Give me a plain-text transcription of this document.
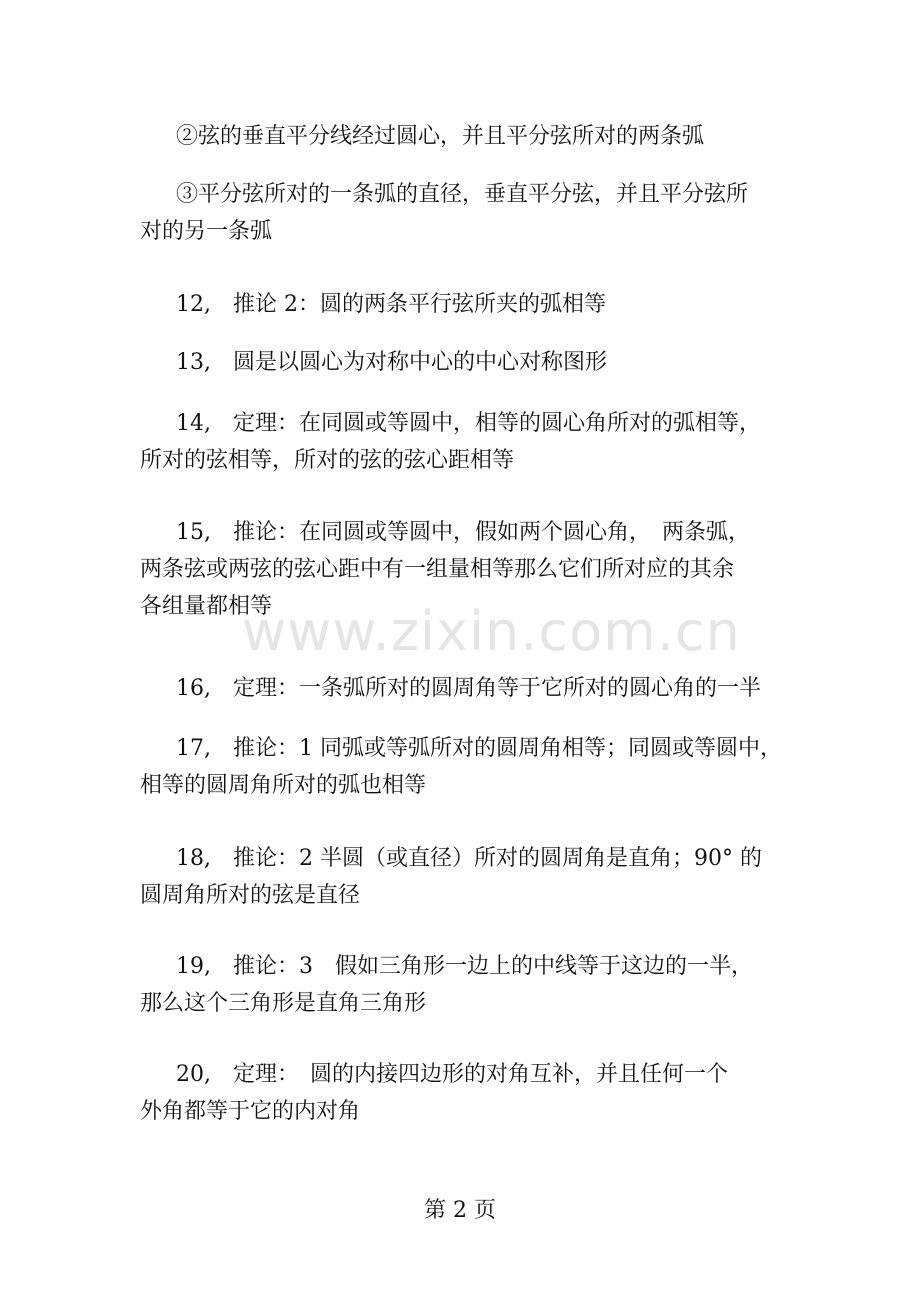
②弦的垂直平分线经过圆心，并且平分弦所对的两条弧

③平分弦所对的一条弧的直径，垂直平分弦，并且平分弦所
对的另一条弧

12,　推论 2：圆的两条平行弦所夹的弧相等

13,　圆是以圆心为对称中心的中心对称图形

14,　定理：在同圆或等圆中，相等的圆心角所对的弧相等，
所对的弦相等，所对的弦的弦心距相等

15,　推论：在同圆或等圆中，假如两个圆心角，　两条弧，
两条弦或两弦的弦心距中有一组量相等那么它们所对应的其余
各组量都相等

16,　定理：一条弧所对的圆周角等于它所对的圆心角的一半

17,　推论：1 同弧或等弧所对的圆周角相等；同圆或等圆中，
相等的圆周角所对的弧也相等

18,　推论：2 半圆（或直径）所对的圆周角是直角；90° 的
圆周角所对的弦是直径

19,　推论：3　假如三角形一边上的中线等于这边的一半，
那么这个三角形是直角三角形

20,　定理：　圆的内接四边形的对角互补，并且任何一个
外角都等于它的内对角

www.zixin.com.cn
第 2 页
